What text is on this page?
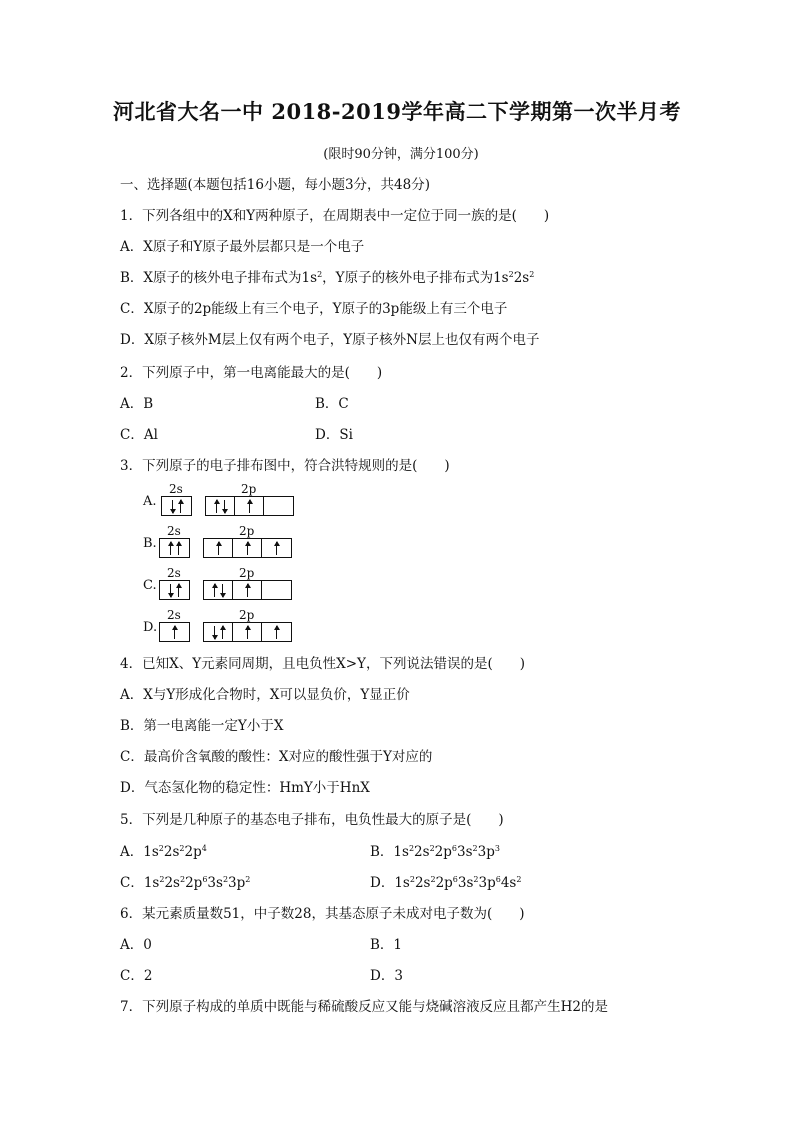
河北省大名一中 2018-2019学年高二下学期第一次半月考
(限时90分钟，满分100分)
一、选择题(本题包括16小题，每小题3分，共48分)
1．下列各组中的X和Y两种原子，在周期表中一定位于同一族的是(　　)
A．X原子和Y原子最外层都只是一个电子
B．X原子的核外电子排布式为$1s^2$，Y原子的核外电子排布式为$1s^22s^2$
C．X原子的2p能级上有三个电子，Y原子的3p能级上有三个电子
D．X原子核外M层上仅有两个电子，Y原子核外N层上也仅有两个电子
2．下列原子中，第一电离能最大的是(　　)
A．B	B．C
C．Al	D．Si
3．下列原子的电子排布图中，符合洪特规则的是(　　)
A.
2s	2p
B.
2s	2p
C.
2s	2p
D.
2s	2p
4．已知X、Y元素同周期，且电负性X>Y，下列说法错误的是(　　)
A．X与Y形成化合物时，X可以显负价，Y显正价
B．第一电离能一定Y小于X
C．最高价含氧酸的酸性：X对应的酸性强于Y对应的
D．气态氢化物的稳定性：HmY小于HnX
5．下列是几种原子的基态电子排布，电负性最大的原子是(　　)
A．$1s^22s^22p^4$	B．$1s^22s^22p^63s^23p^3$
C．$1s^22s^22p^63s^23p^2$	D．$1s^22s^22p^63s^23p^64s^2$
6．某元素质量数51，中子数28，其基态原子未成对电子数为(　　)
A．0	B．1
C．2	D．3
7．下列原子构成的单质中既能与稀硫酸反应又能与烧碱溶液反应且都产生H2的是
